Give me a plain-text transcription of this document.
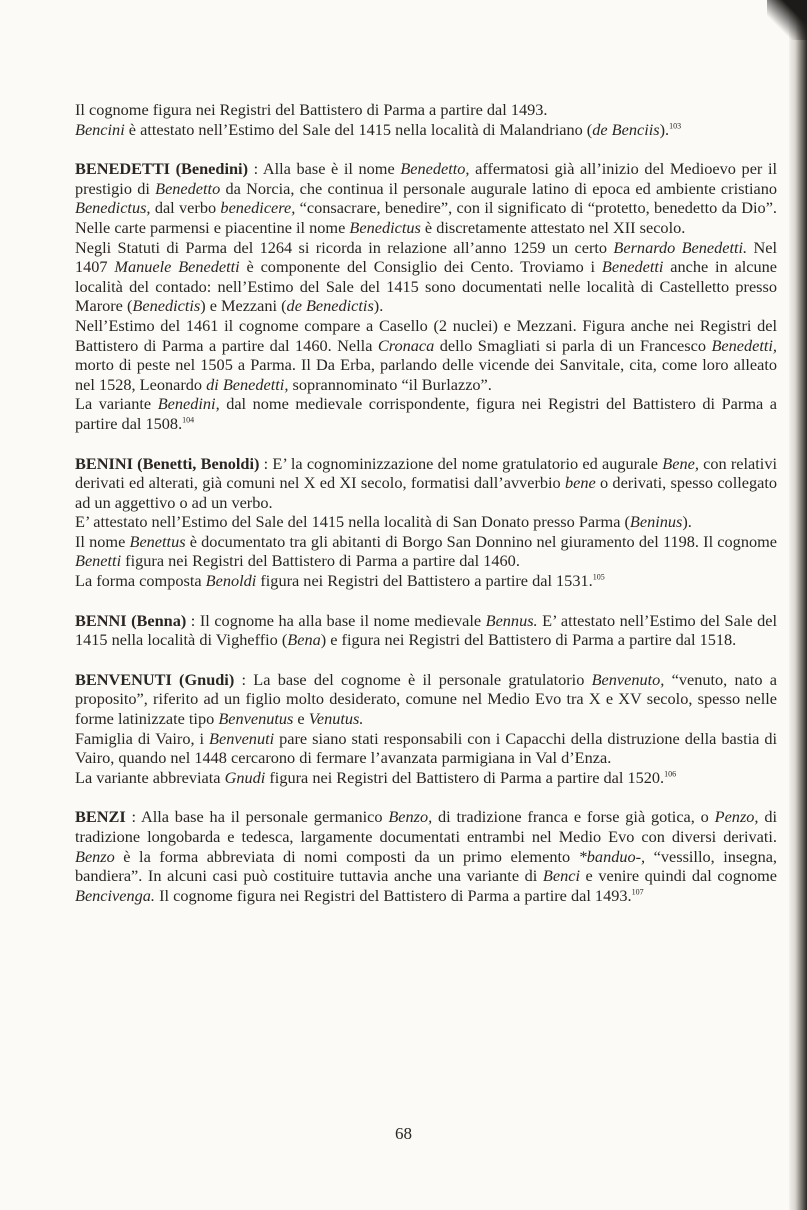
Il cognome figura nei Registri del Battistero di Parma a partire dal 1493.

Bencini è attestato nell’Estimo del Sale del 1415 nella località di Malandriano (de Benciis).$^{103}$

BENEDETTI (Benedini) : Alla base è il nome Benedetto, affermatosi già all’inizio del Medioevo per il prestigio di Benedetto da Norcia, che continua il personale augurale latino di epoca ed ambiente cristiano Benedictus, dal verbo benedicere, “consacrare, benedire”, con il significato di “protetto, benedetto da Dio”. Nelle carte parmensi e piacentine il nome Benedictus è discretamente attestato nel XII secolo.

Negli Statuti di Parma del 1264 si ricorda in relazione all’anno 1259 un certo Bernardo Benedetti. Nel 1407 Manuele Benedetti è componente del Consiglio dei Cento. Troviamo i Benedetti anche in alcune località del contado: nell’Estimo del Sale del 1415 sono documentati nelle località di Castelletto presso Marore (Benedictis) e Mezzani (de Benedictis).

Nell’Estimo del 1461 il cognome compare a Casello (2 nuclei) e Mezzani. Figura anche nei Registri del Battistero di Parma a partire dal 1460. Nella Cronaca dello Smagliati si parla di un Francesco Benedetti, morto di peste nel 1505 a Parma. Il Da Erba, parlando delle vicende dei Sanvitale, cita, come loro alleato nel 1528, Leonardo di Benedetti, soprannominato “il Burlazzo”.

La variante Benedini, dal nome medievale corrispondente, figura nei Registri del Battistero di Parma a partire dal 1508.$^{104}$

BENINI (Benetti, Benoldi) : E’ la cognominizzazione del nome gratulatorio ed augurale Bene, con relativi derivati ed alterati, già comuni nel X ed XI secolo, formatisi dall’avverbio bene o derivati, spesso collegato ad un aggettivo o ad un verbo.

E’ attestato nell’Estimo del Sale del 1415 nella località di San Donato presso Parma (Beninus).

Il nome Benettus è documentato tra gli abitanti di Borgo San Donnino nel giuramento del 1198. Il cognome Benetti figura nei Registri del Battistero di Parma a partire dal 1460.

La forma composta Benoldi figura nei Registri del Battistero a partire dal 1531.$^{105}$

BENNI (Benna) : Il cognome ha alla base il nome medievale Bennus. E’ attestato nell’Estimo del Sale del 1415 nella località di Vigheffio (Bena) e figura nei Registri del Battistero di Parma a partire dal 1518.

BENVENUTI (Gnudi) : La base del cognome è il personale gratulatorio Benvenuto, “venuto, nato a proposito”, riferito ad un figlio molto desiderato, comune nel Medio Evo tra X e XV secolo, spesso nelle forme latinizzate tipo Benvenutus e Venutus.

Famiglia di Vairo, i Benvenuti pare siano stati responsabili con i Capacchi della distruzione della bastia di Vairo, quando nel 1448 cercarono di fermare l’avanzata parmigiana in Val d’Enza.

La variante abbreviata Gnudi figura nei Registri del Battistero di Parma a partire dal 1520.$^{106}$

BENZI : Alla base ha il personale germanico Benzo, di tradizione franca e forse già gotica, o Penzo, di tradizione longobarda e tedesca, largamente documentati entrambi nel Medio Evo con diversi derivati. Benzo è la forma abbreviata di nomi composti da un primo elemento *banduo-, “vessillo, insegna, bandiera”. In alcuni casi può costituire tuttavia anche una variante di Benci e venire quindi dal cognome Bencivenga. Il cognome figura nei Registri del Battistero di Parma a partire dal 1493.$^{107}$

68
